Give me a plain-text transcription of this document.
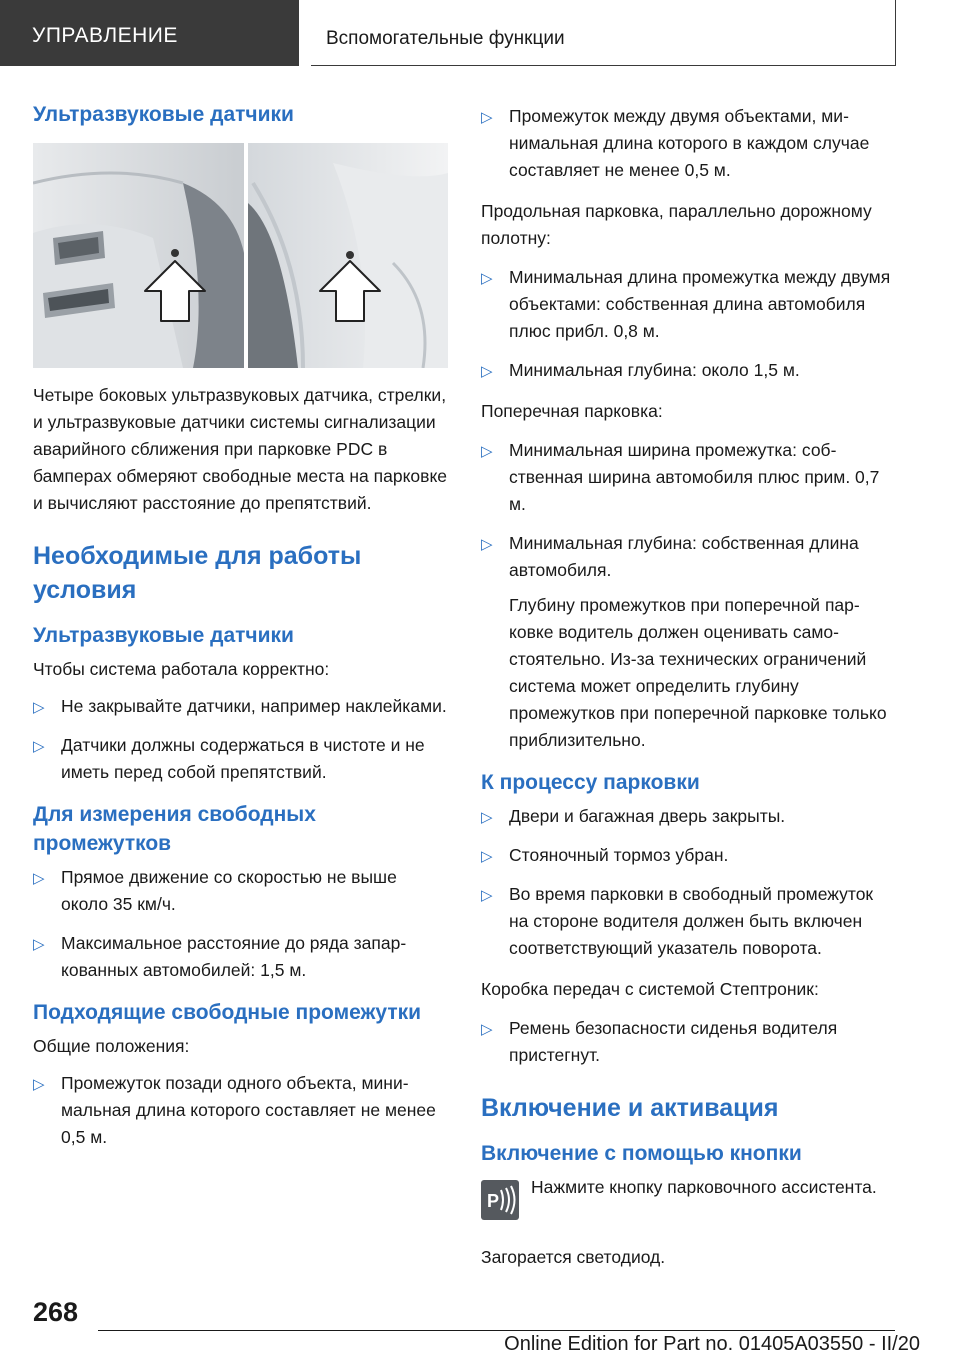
УПРАВЛЕНИЕ	Вспомогательные функции
Ультразвуковые датчики

Четыре боковых ультразвуковых датчика, стрелки, и ультразвуковые датчики системы сигнализации аварийного сближения при парковке PDC в бамперах обмеряют свободные места на парковке и вычисляют расстояние до препятствий.

Необходимые для работы условия
Ультразвуковые датчики

Чтобы система работала корректно:

▷ Не закрывайте датчики, например наклейками.
▷ Датчики должны содержаться в чистоте и не иметь перед собой препятствий.
Для измерения свободных промежутков
▷ Прямое движение со скоростью не выше около 35 км/ч.
▷ Максимальное расстояние до ряда запаркованных автомобилей: 1,5 м.
Подходящие свободные промежутки

Общие положения:

▷ Промежуток позади одного объекта, минимальная длина которого составляет не менее 0,5 м.
▷ Промежуток между двумя объектами, минимальная длина которого в каждом случае составляет не менее 0,5 м.

Продольная парковка, параллельно дорожному полотну:

▷ Минимальная длина промежутка между двумя объектами: собственная длина автомобиля плюс прибл. 0,8 м.
▷ Минимальная глубина: около 1,5 м.

Поперечная парковка:

▷ Минимальная ширина промежутка: собственная ширина автомобиля плюс прим. 0,7 м.
▷ Минимальная глубина: собственная длина автомобиля.
Глубину промежутков при поперечной парковке водитель должен оценивать самостоятельно. Из-за технических ограничений система может определить глубину промежутков при поперечной парковке только приблизительно.
К процессу парковки
▷ Двери и багажная дверь закрыты.
▷ Стояночный тормоз убран.
▷ Во время парковки в свободный промежуток на стороне водителя должен быть включен соответствующий указатель поворота.

Коробка передач с системой Стептроник:

▷ Ремень безопасности сиденья водителя пристегнут.
Включение и активация
Включение с помощью кнопки
P

Нажмите кнопку парковочного ассистента.

Загорается светодиод.

268
Online Edition for Part no. 01405A03550 - II/20
